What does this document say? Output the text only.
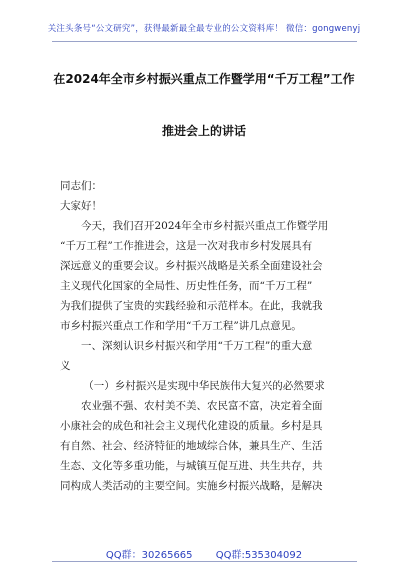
关注头条号“公文研究”，获得最新最全最专业的公文资料库！ 微信：gongwenyj
在2024年全市乡村振兴重点工作暨学用“千万工程”工作
推进会上的讲话
同志们：
大家好！
今天，我们召开2024年全市乡村振兴重点工作暨学用
“千万工程”工作推进会，这是一次对我市乡村发展具有
深远意义的重要会议。乡村振兴战略是关系全面建设社会
主义现代化国家的全局性、历史性任务，而“千万工程”
为我们提供了宝贵的实践经验和示范样本。在此，我就我
市乡村振兴重点工作和学用“千万工程”讲几点意见。
一、深刻认识乡村振兴和学用“千万工程”的重大意
义
（一）乡村振兴是实现中华民族伟大复兴的必然要求
农业强不强、农村美不美、农民富不富，决定着全面
小康社会的成色和社会主义现代化建设的质量。乡村是具
有自然、社会、经济特征的地域综合体，兼具生产、生活
生态、文化等多重功能，与城镇互促互进、共生共存，共
同构成人类活动的主要空间。实施乡村振兴战略，是解决
QQ群：30265665 QQ群:535304092
